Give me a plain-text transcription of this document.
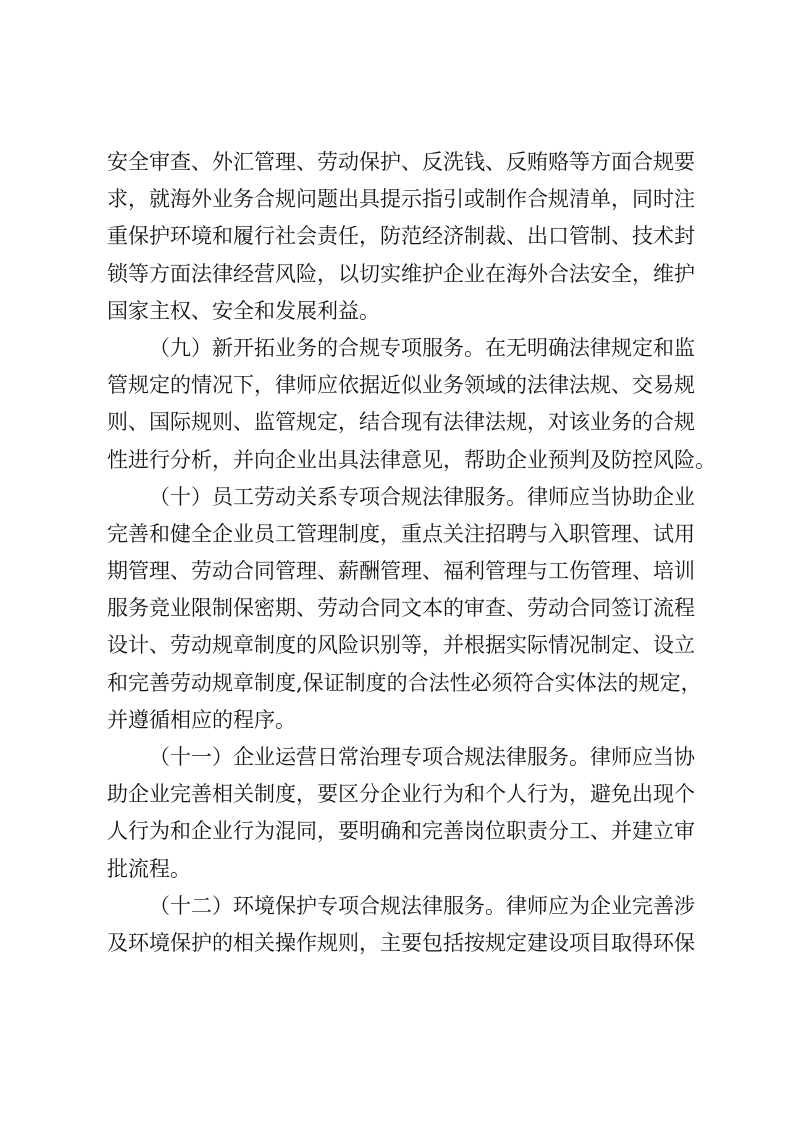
安全审查、外汇管理、劳动保护、反洗钱、反贿赂等方面合规要
求，就海外业务合规问题出具提示指引或制作合规清单，同时注
重保护环境和履行社会责任，防范经济制裁、出口管制、技术封
锁等方面法律经营风险，以切实维护企业在海外合法安全，维护
国家主权、安全和发展利益。
（九）新开拓业务的合规专项服务。在无明确法律规定和监
管规定的情况下，律师应依据近似业务领域的法律法规、交易规
则、国际规则、监管规定，结合现有法律法规，对该业务的合规
性进行分析，并向企业出具法律意见，帮助企业预判及防控风险。
（十）员工劳动关系专项合规法律服务。律师应当协助企业
完善和健全企业员工管理制度，重点关注招聘与入职管理、试用
期管理、劳动合同管理、薪酬管理、福利管理与工伤管理、培训
服务竞业限制保密期、劳动合同文本的审查、劳动合同签订流程
设计、劳动规章制度的风险识别等，并根据实际情况制定、设立
和完善劳动规章制度,保证制度的合法性必须符合实体法的规定，
并遵循相应的程序。
（十一）企业运营日常治理专项合规法律服务。律师应当协
助企业完善相关制度，要区分企业行为和个人行为，避免出现个
人行为和企业行为混同，要明确和完善岗位职责分工、并建立审
批流程。
（十二）环境保护专项合规法律服务。律师应为企业完善涉
及环境保护的相关操作规则，主要包括按规定建设项目取得环保
